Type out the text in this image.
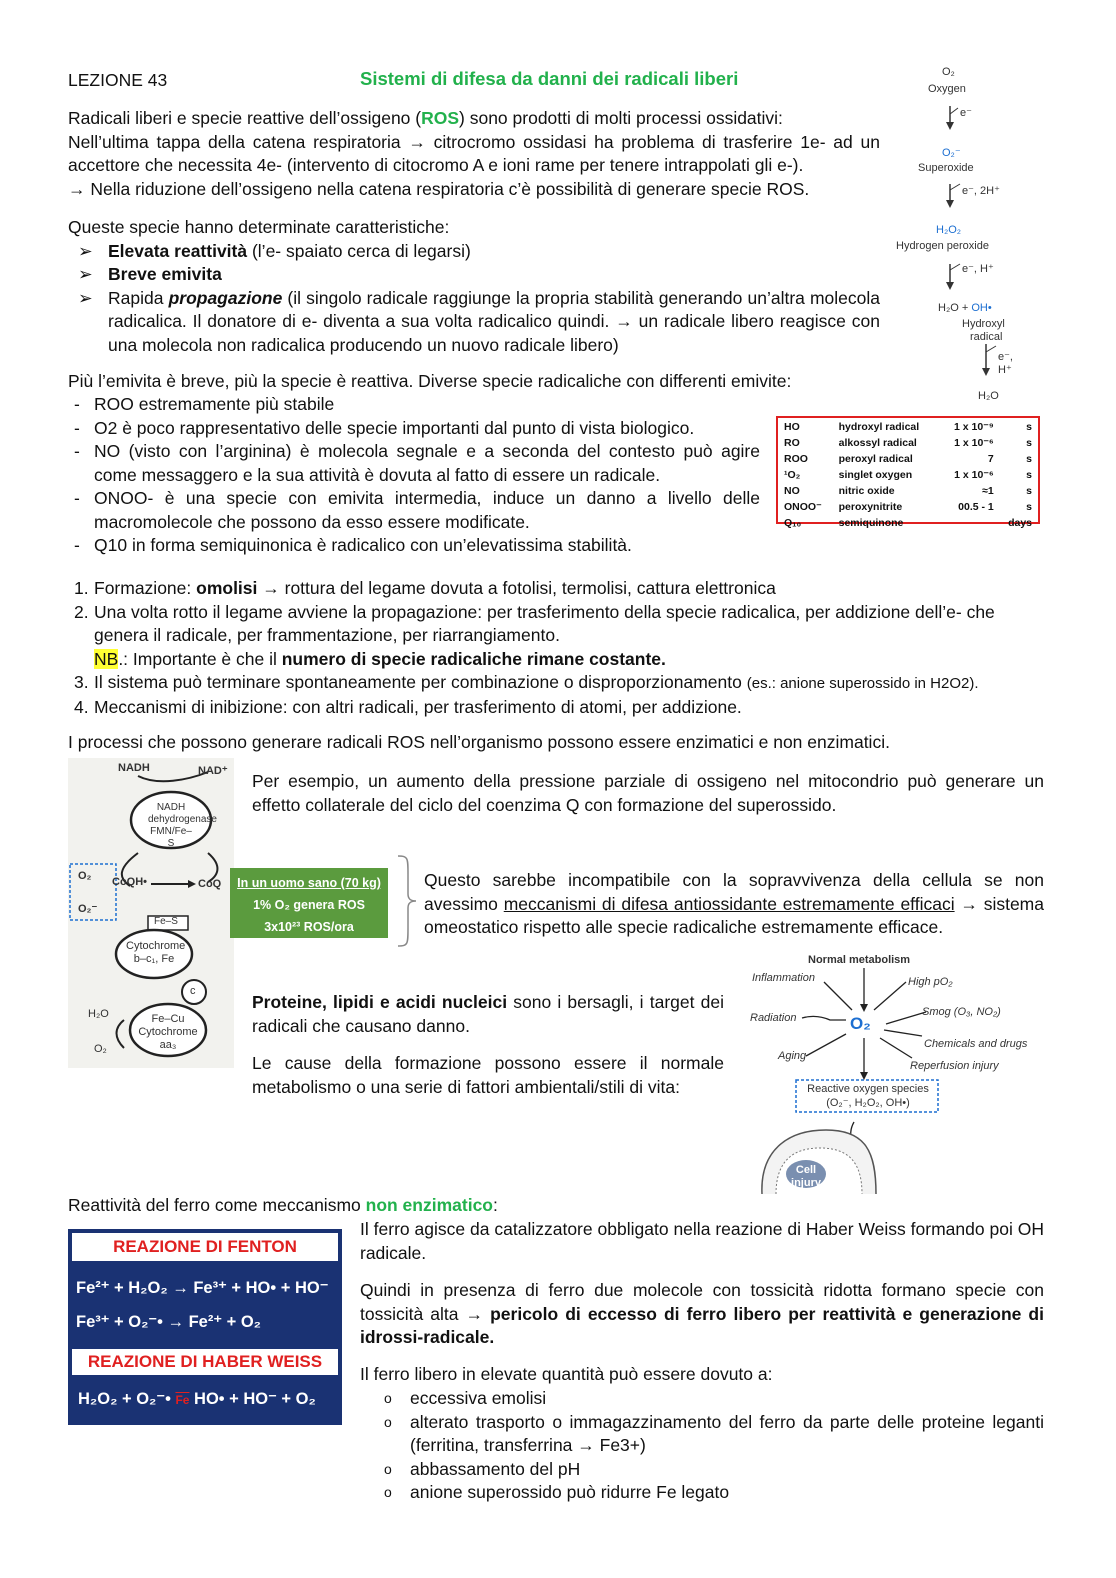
LEZIONE 43	Sistemi di difesa da danni dei radicali liberi
Radicali liberi e specie reattive dell’ossigeno (ROS) sono prodotti di molti processi ossidativi:
Nell’ultima tappa della catena respiratoria → citrocromo ossidasi ha problema di trasferire 1e- ad un accettore che necessita 4e- (intervento di citocromo A e ioni rame per tenere intrappolati gli e-).
→ Nella riduzione dell’ossigeno nella catena respiratoria c’è possibilità di generare specie ROS.
Queste specie hanno determinate caratteristiche:
➢ Elevata reattività (l’e- spaiato cerca di legarsi)
➢ Breve emivita
➢ Rapida propagazione (il singolo radicale raggiunge la propria stabilità generando un’altra molecola radicalica. Il donatore di e- diventa a sua volta radicalico quindi. → un radicale libero reagisce con una molecola non radicalica producendo un nuovo radicale libero)
Più l’emivita è breve, più la specie è reattiva. Diverse specie radicaliche con differenti emivite:
- ROO estremamente più stabile
- O2 è poco rappresentativo delle specie importanti dal punto di vista biologico.
- NO (visto con l’arginina) è molecola segnale e a seconda del contesto può agire come messaggero e la sua attività è dovuta al fatto di essere un radicale.
- ONOO- è una specie con emivita intermedia, induce un danno a livello delle macromolecole che possono da esso essere modificate.
- Q10 in forma semiquinonica è radicalico con un’elevatissima stabilità.
HO	hydroxyl radical	1 x 10⁻⁹	s
RO	alkossyl radical	1 x 10⁻⁶	s
ROO	peroxyl radical	7	s
¹O₂	singlet oxygen	1 x 10⁻⁶	s
NO	nitric oxide	≈1	s
ONOO⁻	peroxynitrite	00.5 - 1	s
Q₁₀	semiquinone		days
O₂
Oxygen
e⁻
O₂⁻
Superoxide
e⁻, 2H⁺
H₂O₂
Hydrogen peroxide
e⁻, H⁺
H₂O + OH•
Hydroxyl
radical
e⁻, H⁺
H₂O
1. Formazione: omolisi → rottura del legame dovuta a fotolisi, termolisi, cattura elettronica
2. Una volta rotto il legame avviene la propagazione: per trasferimento della specie radicalica, per addizione dell’e- che genera il radicale, per frammentazione, per riarrangiamento.
NB.: Importante è che il numero di specie radicaliche rimane costante.
3. Il sistema può terminare spontaneamente per combinazione o disproporzionamento (es.: anione superossido in H2O2).
4. Meccanismi di inibizione: con altri radicali, per trasferimento di atomi, per addizione.
I processi che possono generare radicali ROS nell’organismo possono essere enzimatici e non enzimatici.
NADH	NAD⁺
NADH
dehydrogenase
FMN/Fe–S
O₂ CoQH•	CoQ
O₂⁻
Fe–S
Cytochrome
b–c₁, Fe
c
H₂O	Fe–Cu
Cytochrome
aa₃
O₂
Per esempio, un aumento della pressione parziale di ossigeno nel mitocondrio può generare un effetto collaterale del ciclo del coenzima Q con formazione del superossido.
In un uomo sano (70 kg)
1% O₂ genera ROS
3x10²³ ROS/ora
Questo sarebbe incompatibile con la sopravvivenza della cellula se non avessimo meccanismi di difesa antiossidante estremamente efficaci → sistema omeostatico rispetto alle specie radicaliche estremamente efficace.
Proteine, lipidi e acidi nucleici sono i bersagli, i target dei radicali che causano danno.
Le cause della formazione possono essere il normale metabolismo o una serie di fattori ambientali/stili di vita:
Normal metabolism
Inflammation	High pO₂
Radiation	O₂
Smog (O₃, NO₂)
Chemicals and drugs
Aging
Reperfusion injury
Reactive oxygen species
(O₂⁻, H₂O₂, OH•)
Cell
injury
Reattività del ferro come meccanismo non enzimatico:
REAZIONE DI FENTON
Fe²⁺ + H₂O₂ → Fe³⁺ + HO• + HO⁻
Fe³⁺ + O₂⁻• → Fe²⁺ + O₂
REAZIONE DI HABER WEISS
H₂O₂ + O₂⁻• $\overline{Fe}$ HO• + HO⁻ + O₂
Il ferro agisce da catalizzatore obbligato nella reazione di Haber Weiss formando poi OH radicale.
Quindi in presenza di ferro due molecole con tossicità ridotta formano specie con tossicità alta → pericolo di eccesso di ferro libero per reattività e generazione di idrossi-radicale.
Il ferro libero in elevate quantità può essere dovuto a:
o eccessiva emolisi
o alterato trasporto o immagazzinamento del ferro da parte delle proteine leganti (ferritina, transferrina → Fe3+)
o abbassamento del pH
o anione superossido può ridurre Fe legato
